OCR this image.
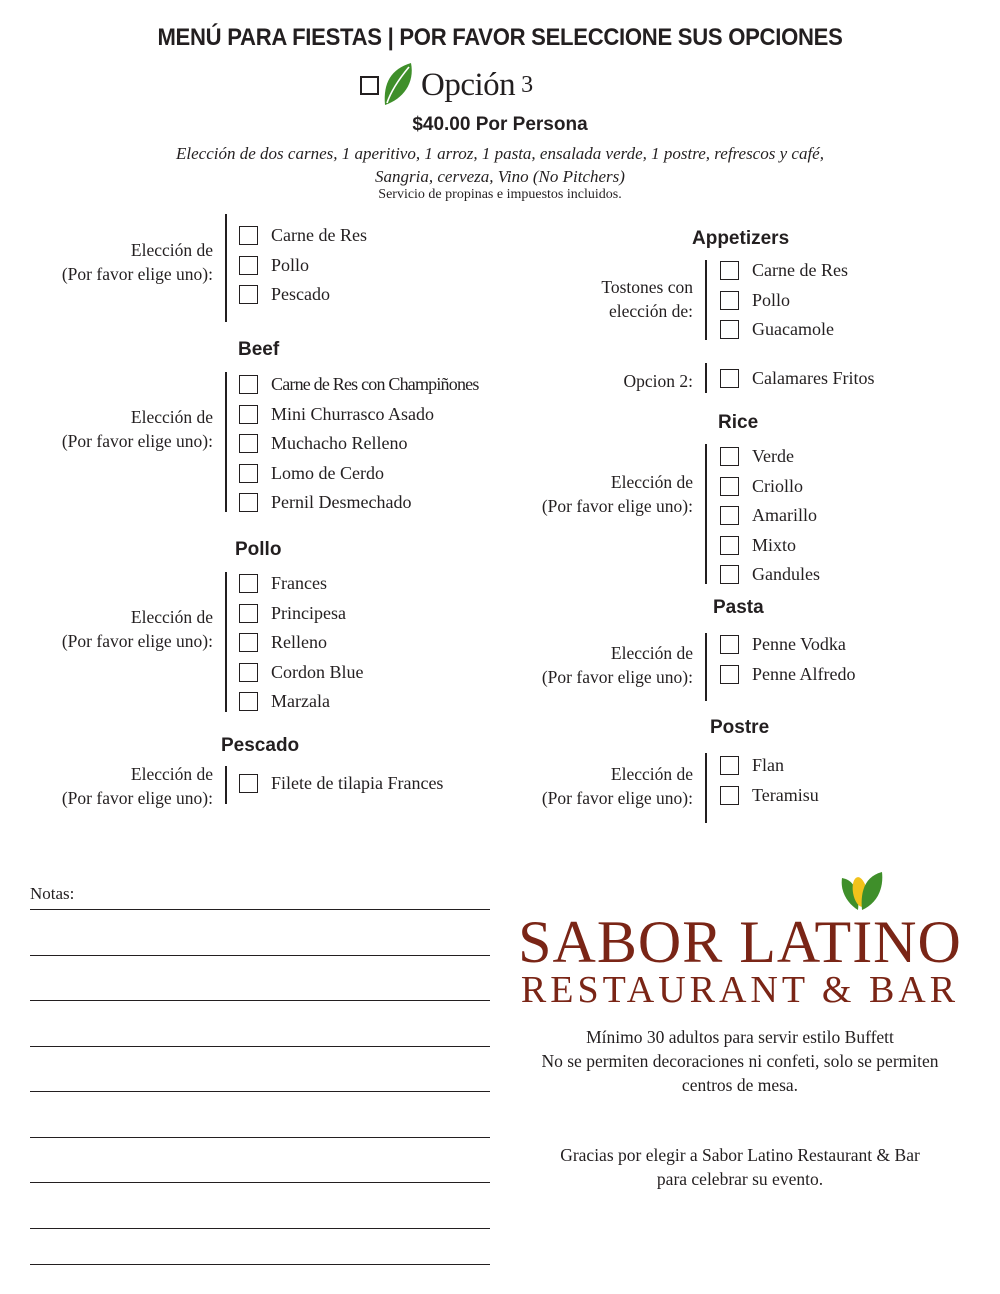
MENÚ PARA FIESTAS | POR FAVOR SELECCIONE SUS OPCIONES
Opción 3
$40.00 Por Persona
Elección de dos carnes, 1 aperitivo, 1 arroz, 1 pasta, ensalada verde, 1 postre, refrescos y café,
Sangria, cerveza, Vino (No Pitchers)
Servicio de propinas e impuestos incluidos.
Elección de
(Por favor elige uno):
Carne de Res
Pollo
Pescado
Beef
Elección de
(Por favor elige uno):
Carne de Res con Champiñones
Mini Churrasco Asado
Muchacho Relleno
Lomo de Cerdo
Pernil Desmechado
Pollo
Elección de
(Por favor elige uno):
Frances
Principesa
Relleno
Cordon Blue
Marzala
Pescado
Elección de
(Por favor elige uno):
Filete de tilapia Frances
Appetizers
Tostones con
elección de:
Carne de Res
Pollo
Guacamole
Opcion 2:	Calamares Fritos
Rice
Elección de
(Por favor elige uno):
Verde
Criollo
Amarillo
Mixto
Gandules
Pasta
Elección de
(Por favor elige uno):
Penne Vodka
Penne Alfredo
Postre
Elección de
(Por favor elige uno):
Flan
Teramisu
Notas:
SABOR LATINO
RESTAURANT & BAR
Mínimo 30 adultos para servir estilo Buffett
No se permiten decoraciones ni confeti, solo se permiten
centros de mesa.
Gracias por elegir a Sabor Latino Restaurant & Bar
para celebrar su evento.
